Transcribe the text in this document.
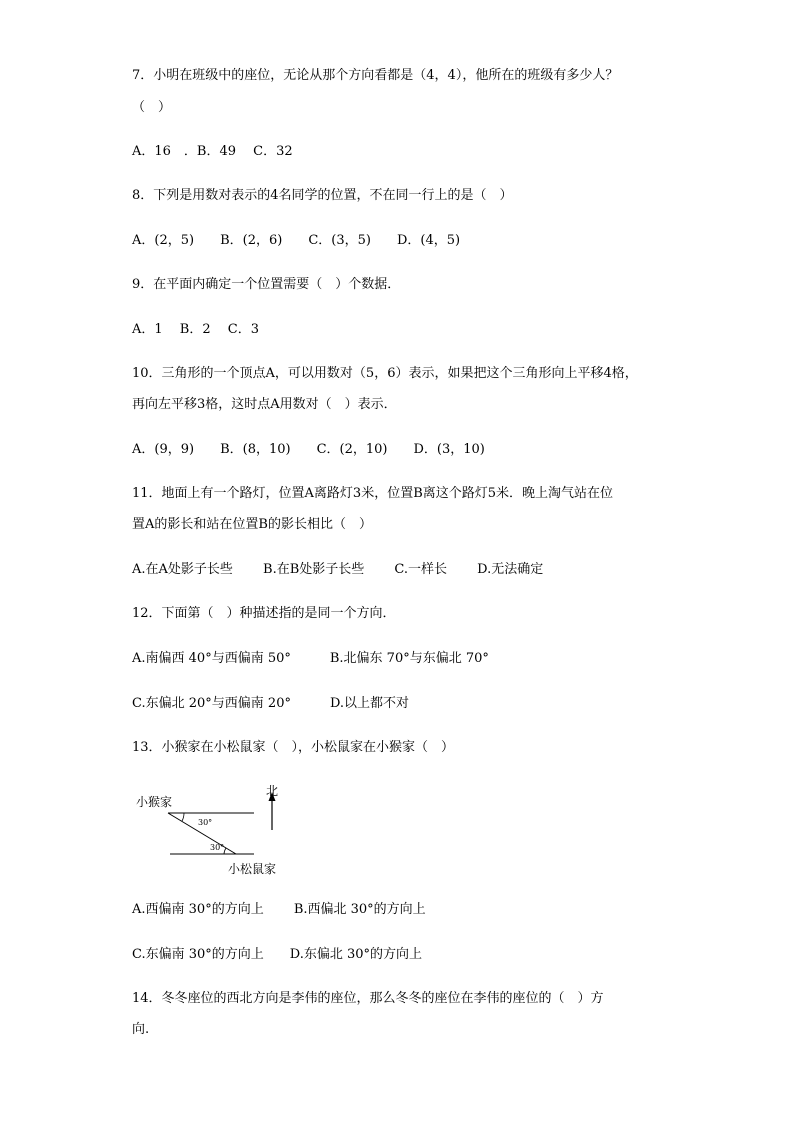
7．小明在班级中的座位，无论从那个方向看都是（4，4），他所在的班级有多少人？
（　）
A．16　．B．49　 C．32
8．下列是用数对表示的4名同学的位置，不在同一行上的是（　）
A．(2，5)　　B．(2，6)　　C．(3，5)　　D．(4，5)
9．在平面内确定一个位置需要（　）个数据．
A．1　 B．2　 C．3
10．三角形的一个顶点A，可以用数对（5，6）表示，如果把这个三角形向上平移4格，
再向左平移3格，这时点A用数对（　）表示．
A．(9，9)　　B．(8，10)　　C．(2，10)　　D．(3，10)
11．地面上有一个路灯，位置A离路灯3米，位置B离这个路灯5米．晚上淘气站在位
置A的影长和站在位置B的影长相比（　）
A.在A处影子长些　　 B.在B处影子长些　　 C.一样长　　 D.无法确定
12．下面第（　）种描述指的是同一个方向．
A.南偏西 40°与西偏南 50°　　　B.北偏东 70°与东偏北 70°
C.东偏北 20°与西偏南 20°　　　D.以上都不对
13．小猴家在小松鼠家（　），小松鼠家在小猴家（　）
小猴家
北
30°
30°
小松鼠家
A.西偏南 30°的方向上　　 B.西偏北 30°的方向上
C.东偏南 30°的方向上　　D.东偏北 30°的方向上
14．冬冬座位的西北方向是李伟的座位，那么冬冬的座位在李伟的座位的（　）方
向.
